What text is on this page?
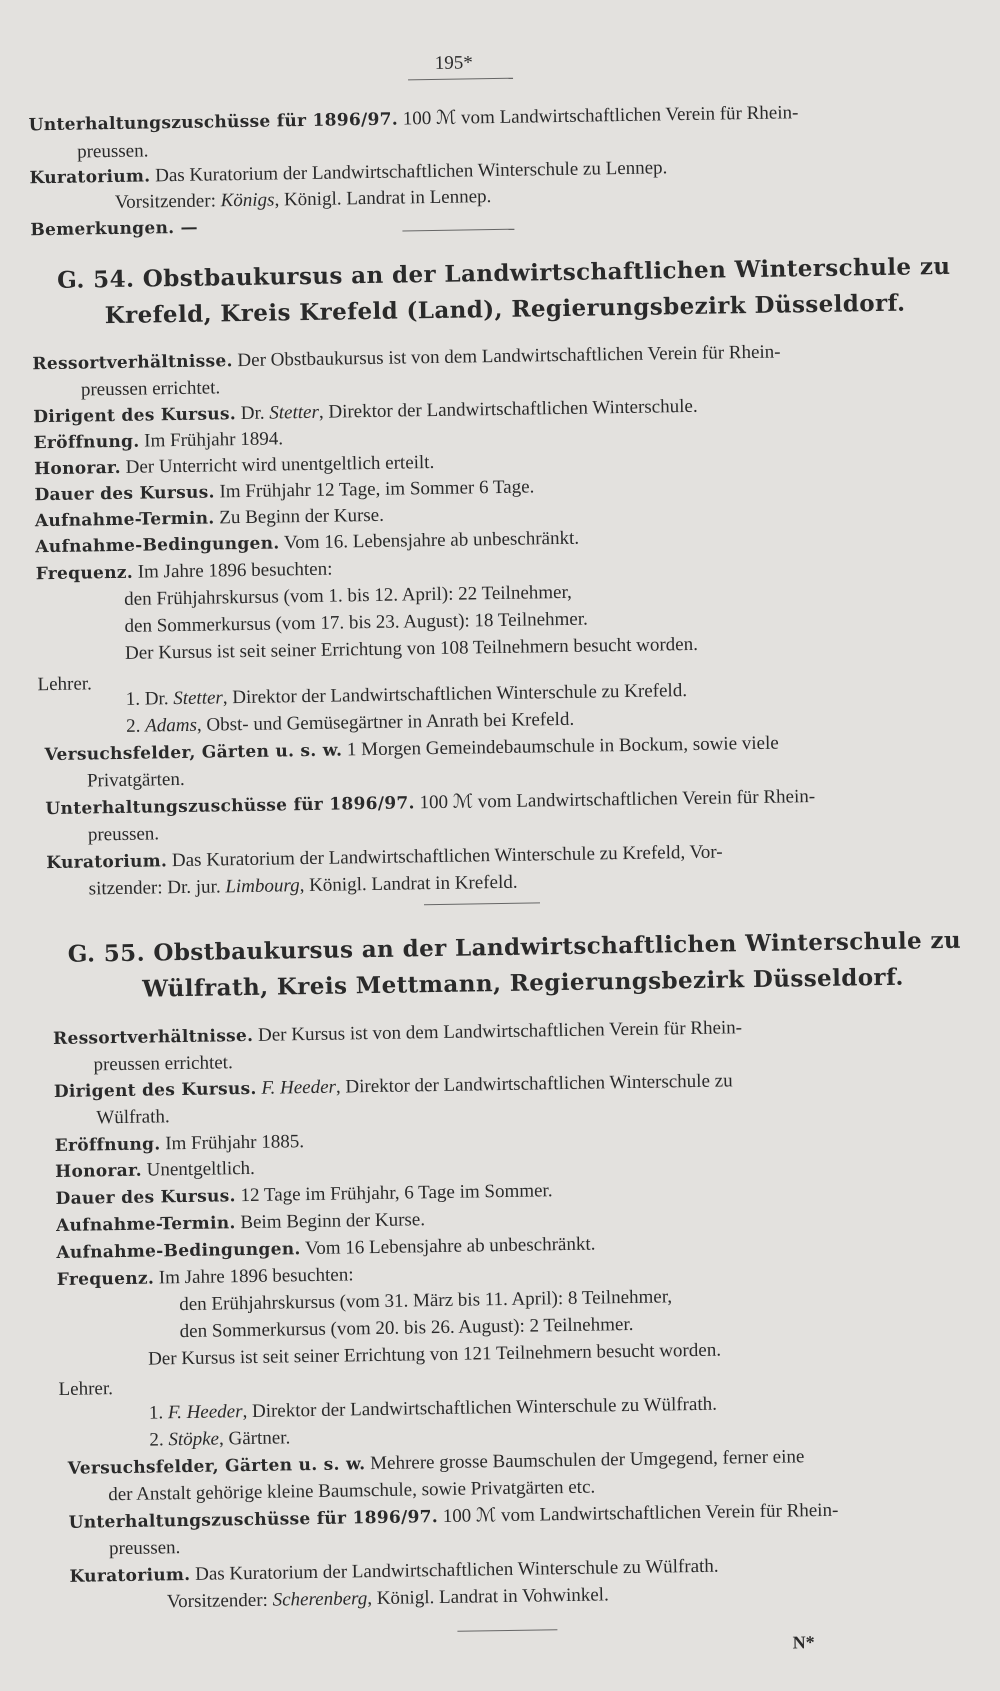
195*
Unterhaltungszuschüsse für 1896/97. 100 ℳ vom Landwirtschaftlichen Verein für Rhein-
preussen.
Kuratorium. Das Kuratorium der Landwirtschaftlichen Winterschule zu Lennep.
Vorsitzender: Königs, Königl. Landrat in Lennep.
Bemerkungen. —
G. 54. Obstbaukursus an der Landwirtschaftlichen Winterschule zu
Krefeld, Kreis Krefeld (Land), Regierungsbezirk Düsseldorf.
Ressortverhältnisse. Der Obstbaukursus ist von dem Landwirtschaftlichen Verein für Rhein-
preussen errichtet.
Dirigent des Kursus. Dr. Stetter, Direktor der Landwirtschaftlichen Winterschule.
Eröffnung. Im Frühjahr 1894.
Honorar. Der Unterricht wird unentgeltlich erteilt.
Dauer des Kursus. Im Frühjahr 12 Tage, im Sommer 6 Tage.
Aufnahme-Termin. Zu Beginn der Kurse.
Aufnahme-Bedingungen. Vom 16. Lebensjahre ab unbeschränkt.
Frequenz. Im Jahre 1896 besuchten:
den Frühjahrskursus (vom 1. bis 12. April): 22 Teilnehmer,
den Sommerkursus (vom 17. bis 23. August): 18 Teilnehmer.
Der Kursus ist seit seiner Errichtung von 108 Teilnehmern besucht worden.
Lehrer.
1. Dr. Stetter, Direktor der Landwirtschaftlichen Winterschule zu Krefeld.
2. Adams, Obst- und Gemüsegärtner in Anrath bei Krefeld.
Versuchsfelder, Gärten u. s. w. 1 Morgen Gemeindebaumschule in Bockum, sowie viele
Privatgärten.
Unterhaltungszuschüsse für 1896/97. 100 ℳ vom Landwirtschaftlichen Verein für Rhein-
preussen.
Kuratorium. Das Kuratorium der Landwirtschaftlichen Winterschule zu Krefeld, Vor-
sitzender: Dr. jur. Limbourg, Königl. Landrat in Krefeld.
G. 55. Obstbaukursus an der Landwirtschaftlichen Winterschule zu
Wülfrath, Kreis Mettmann, Regierungsbezirk Düsseldorf.
Ressortverhältnisse. Der Kursus ist von dem Landwirtschaftlichen Verein für Rhein-
preussen errichtet.
Dirigent des Kursus. F. Heeder, Direktor der Landwirtschaftlichen Winterschule zu
Wülfrath.
Eröffnung. Im Frühjahr 1885.
Honorar. Unentgeltlich.
Dauer des Kursus. 12 Tage im Frühjahr, 6 Tage im Sommer.
Aufnahme-Termin. Beim Beginn der Kurse.
Aufnahme-Bedingungen. Vom 16 Lebensjahre ab unbeschränkt.
Frequenz. Im Jahre 1896 besuchten:
den Erühjahrskursus (vom 31. März bis 11. April): 8 Teilnehmer,
den Sommerkursus (vom 20. bis 26. August): 2 Teilnehmer.
Der Kursus ist seit seiner Errichtung von 121 Teilnehmern besucht worden.
Lehrer.
1. F. Heeder, Direktor der Landwirtschaftlichen Winterschule zu Wülfrath.
2. Stöpke, Gärtner.
Versuchsfelder, Gärten u. s. w. Mehrere grosse Baumschulen der Umgegend, ferner eine
der Anstalt gehörige kleine Baumschule, sowie Privatgärten etc.
Unterhaltungszuschüsse für 1896/97. 100 ℳ vom Landwirtschaftlichen Verein für Rhein-
preussen.
Kuratorium. Das Kuratorium der Landwirtschaftlichen Winterschule zu Wülfrath.
Vorsitzender: Scherenberg, Königl. Landrat in Vohwinkel.
N*
